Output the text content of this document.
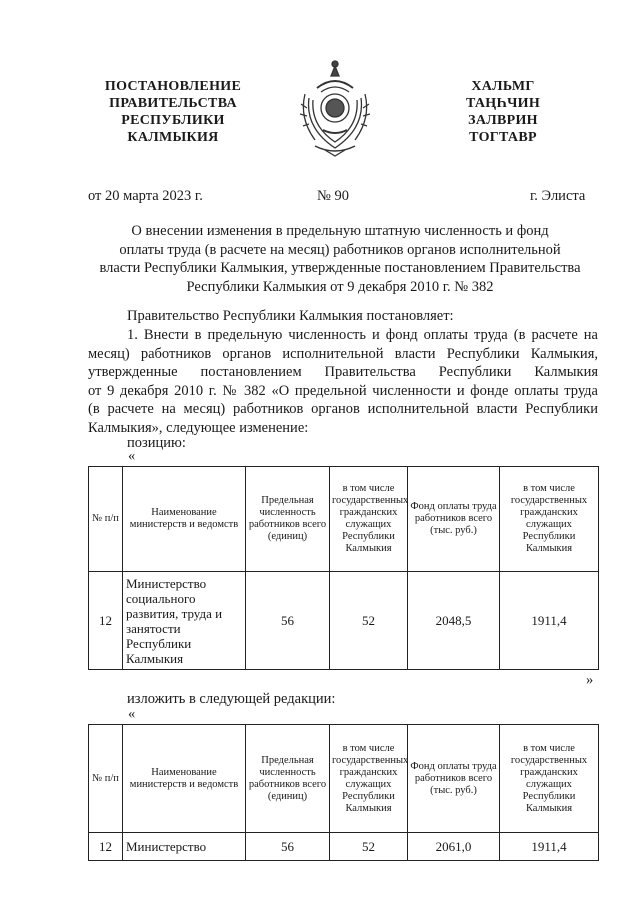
ПОСТАНОВЛЕНИЕ
ПРАВИТЕЛЬСТВА
РЕСПУБЛИКИ
КАЛМЫКИЯ
ХАЛЬМГ
ТАҢҺЧИН
ЗАЛВРИН
ТОГТАВР
от 20 марта 2023 г.	№ 90	г. Элиста
О внесении изменения в предельную штатную численность и фонд
оплаты труда (в расчете на месяц) работников органов исполнительной
власти Республики Калмыкия, утвержденные постановлением Правительства
Республики Калмыкия от 9 декабря 2010 г. № 382
Правительство Республики Калмыкия постановляет:
1. Внести в предельную численность и фонд оплаты труда (в расчете на
месяц) работников органов исполнительной власти Республики Калмыкия,
утвержденные постановлением Правительства Республики Калмыкия
от 9 декабря 2010 г. № 382 «О предельной численности и фонде оплаты труда
(в расчете на месяц) работников органов исполнительной власти Республики
Калмыкия», следующее изменение:
позицию:
«
№ п/п	Наименование министерств и ведомств	Предельная численность работников всего (единиц)	в том числе государственных гражданских служащих Республики Калмыкия	Фонд оплаты труда работников всего (тыс. руб.)	в том числе государственных гражданских служащих Республики Калмыкия
12	Министерство социального развития, труда и занятости Республики Калмыкия	56	52	2048,5	1911,4
»
изложить в следующей редакции:
«
№ п/п	Наименование министерств и ведомств	Предельная численность работников всего (единиц)	в том числе государственных гражданских служащих Республики Калмыкия	Фонд оплаты труда работников всего (тыс. руб.)	в том числе государственных гражданских служащих Республики Калмыкия
12	Министерство	56	52	2061,0	1911,4
